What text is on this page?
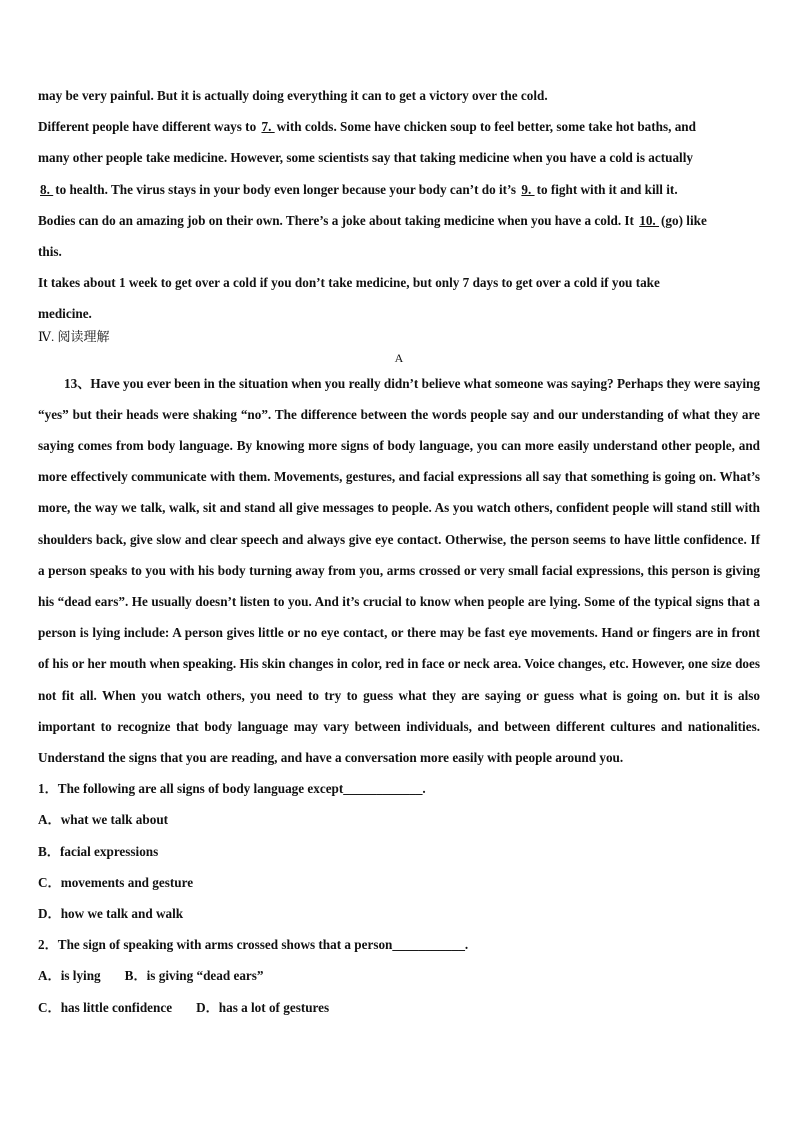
may be very painful. But it is actually doing everything it can to get a victory over the cold.
Different people have different ways to 7. with colds. Some have chicken soup to feel better, some take hot baths, and
many other people take medicine. However, some scientists say that taking medicine when you have a cold is actually
8. to health. The virus stays in your body even longer because your body can’t do it’s 9. to fight with it and kill it.
Bodies can do an amazing job on their own. There’s a joke about taking medicine when you have a cold. It 10. (go) like
this.
It takes about 1 week to get over a cold if you don’t take medicine, but only 7 days to get over a cold if you take
medicine.
Ⅳ. 阅读理解
A
13、Have you ever been in the situation when you really didn’t believe what someone was saying? Perhaps they were saying “yes” but their heads were shaking “no”. The difference between the words people say and our understanding of what they are saying comes from body language. By knowing more signs of body language, you can more easily understand other people, and more effectively communicate with them. Movements, gestures, and facial expressions all say that something is going on. What’s more, the way we talk, walk, sit and stand all give messages to people. As you watch others, confident people will stand still with shoulders back, give slow and clear speech and always give eye contact. Otherwise, the person seems to have little confidence. If a person speaks to you with his body turning away from you, arms crossed or very small facial expressions, this person is giving his “dead ears”. He usually doesn’t listen to you. And it’s crucial to know when people are lying. Some of the typical signs that a person is lying include: A person gives little or no eye contact, or there may be fast eye movements. Hand or fingers are in front of his or her mouth when speaking. His skin changes in color, red in face or neck area. Voice changes, etc. However, one size does not fit all. When you watch others, you need to try to guess what they are saying or guess what is going on. but it is also important to recognize that body language may vary between individuals, and between different cultures and nationalities. Understand the signs that you are reading, and have a conversation more easily with people around you.
1．The following are all signs of body language except____________.
A．what we talk about
B．facial expressions
C．movements and gesture
D．how we talk and walk
2．The sign of speaking with arms crossed shows that a person___________.
A．is lying B．is giving “dead ears”
C．has little confidence D．has a lot of gestures
